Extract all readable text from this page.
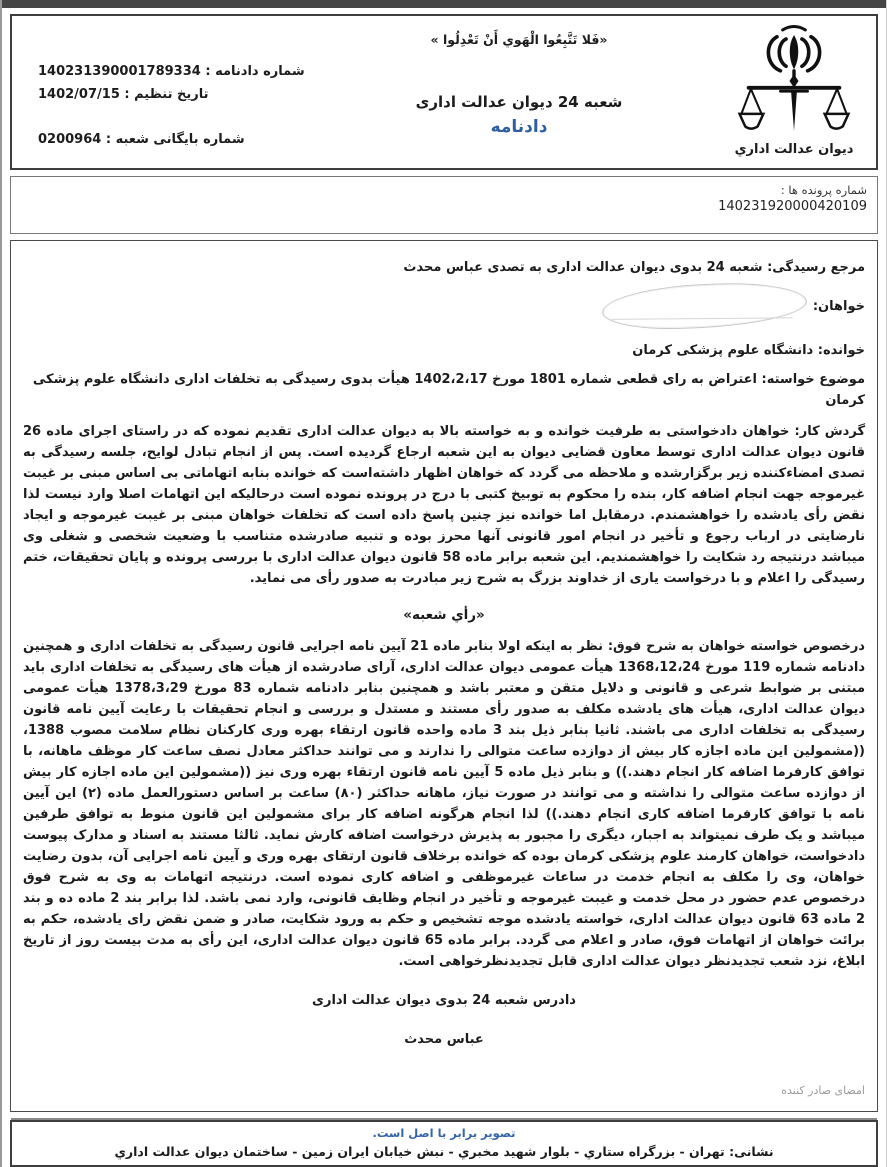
دیوان عدالت اداري
«فَلا تَتَّبِعُوا الْهَوي أَنْ تَعْدِلُوا »
شعبه 24 دیوان عدالت اداری
دادنامه
شماره دادنامه : 140231390001789334
تاریخ تنظیم : 1402/07/15
شماره بایگانی شعبه : 0200964
شماره پرونده ها :
140231920000420109
مرجع رسیدگی: شعبه 24 بدوی دیوان عدالت اداری به تصدی عباس محدث
خواهان:
خوانده: دانشگاه علوم پزشکی کرمان
موضوع خواسته: اعتراض به رای قطعی شماره 1801 مورخ 1402،2،17 هیأت بدوی رسیدگی به تخلفات اداری دانشگاه علوم پزشکی کرمان
گردش کار: خواهان دادخواستی به طرفیت خوانده و به خواسته بالا به دیوان عدالت اداری تقدیم نموده که در راستای اجرای ماده 26 قانون دیوان عدالت اداری توسط معاون قضایی دیوان به این شعبه ارجاع گردیده است. پس از انجام تبادل لوایح، جلسه رسیدگی به تصدی امضاءکننده زیر برگزارشده و ملاحظه می گردد که خواهان اظهار داشته‌است که خوانده بنابه اتهاماتی بی اساس مبنی بر غیبت غیرموجه جهت انجام اضافه کار، بنده را محکوم به توبیخ کتبی با درج در پرونده نموده است درحالیکه این اتهامات اصلا وارد نیست لذا نقض رأی یادشده را خواهشمندم. درمقابل اما خوانده نیز چنین پاسخ داده است که تخلفات خواهان مبنی بر غیبت غیرموجه و ایجاد نارضایتی در ارباب رجوع و تأخیر در انجام امور قانونی آنها محرز بوده و تنبیه صادرشده متناسب با وضعیت شخصی و شغلی وی میباشد درنتیجه رد شکایت را خواهشمندیم. این شعبه برابر ماده 58 قانون دیوان عدالت اداری با بررسی پرونده و پایان تحقیقات، ختم رسیدگی را اعلام و با درخواست یاری از خداوند بزرگ به شرح زیر مبادرت به صدور رأی می نماید.
«رأي شعبه»
درخصوص خواسته خواهان به شرح فوق: نظر به اینکه اولا بنابر ماده 21 آیین نامه اجرایی قانون رسیدگی به تخلفات اداری و همچنین دادنامه شماره 119 مورخ 1368،12،24 هیأت عمومی دیوان عدالت اداری، آرای صادرشده از هیأت های رسیدگی به تخلفات اداری باید مبتنی بر ضوابط شرعی و قانونی و دلایل متقن و معتبر باشد و همچنین بنابر دادنامه شماره 83 مورخ 1378،3،29 هیأت عمومی دیوان عدالت اداری، هیأت های یادشده مکلف به صدور رأی مستند و مستدل و بررسی و انجام تحقیقات با رعایت آیین نامه قانون رسیدگی به تخلفات اداری می باشند. ثانیا بنابر ذیل بند 3 ماده واحده قانون ارتقاء بهره وری کارکنان نظام سلامت مصوب 1388، ((مشمولین این ماده اجازه کار بیش از دوازده ساعت متوالی را ندارند و می توانند حداکثر معادل نصف ساعت کار موظف ماهانه، با توافق کارفرما اضافه کار انجام دهند.)) و بنابر ذیل ماده 5 آیین نامه قانون ارتقاء بهره وری نیز ((مشمولین این ماده اجازه کار بیش از دوازده ساعت متوالی را نداشته و می توانند در صورت نیاز، ماهانه حداکثر (۸۰) ساعت بر اساس دستورالعمل ماده (۲) این آیین نامه با توافق کارفرما اضافه کاری انجام دهند.)) لذا انجام هرگونه اضافه کار برای مشمولین این قانون منوط به توافق طرفین میباشد و یک طرف نمیتواند به اجبار، دیگری را مجبور به پذیرش درخواست اضافه کارش نماید. ثالثا مستند به اسناد و مدارک پیوست دادخواست، خواهان کارمند علوم پزشکی کرمان بوده که خوانده برخلاف قانون ارتقای بهره وری و آیین نامه اجرایی آن، بدون رضایت خواهان، وی را مکلف به انجام خدمت در ساعات غیرموظفی و اضافه کاری نموده است. درنتیجه اتهامات به وی به شرح فوق درخصوص عدم حضور در محل خدمت و غیبت غیرموجه و تأخیر در انجام وظایف قانونی، وارد نمی باشد. لذا برابر بند 2 ماده ده و بند 2 ماده 63 قانون دیوان عدالت اداری، خواسته یادشده موجه تشخیص و حکم به ورود شکایت، صادر و ضمن نقض رای یادشده، حکم به برائت خواهان از اتهامات فوق، صادر و اعلام می گردد. برابر ماده 65 قانون دیوان عدالت اداری، این رأی به مدت بیست روز از تاریخ ابلاغ، نزد شعب تجدیدنظر دیوان عدالت اداری قابل تجدیدنظرخواهی است.
دادرس شعبه 24 بدوی دیوان عدالت اداری
عباس محدث
امضای صادر کننده
تصویر برابر با اصل است.
نشانی: تهران - بزرگراه ستاري - بلوار شهید مخبري - نبش خیابان ایران زمین - ساختمان دیوان عدالت اداري
